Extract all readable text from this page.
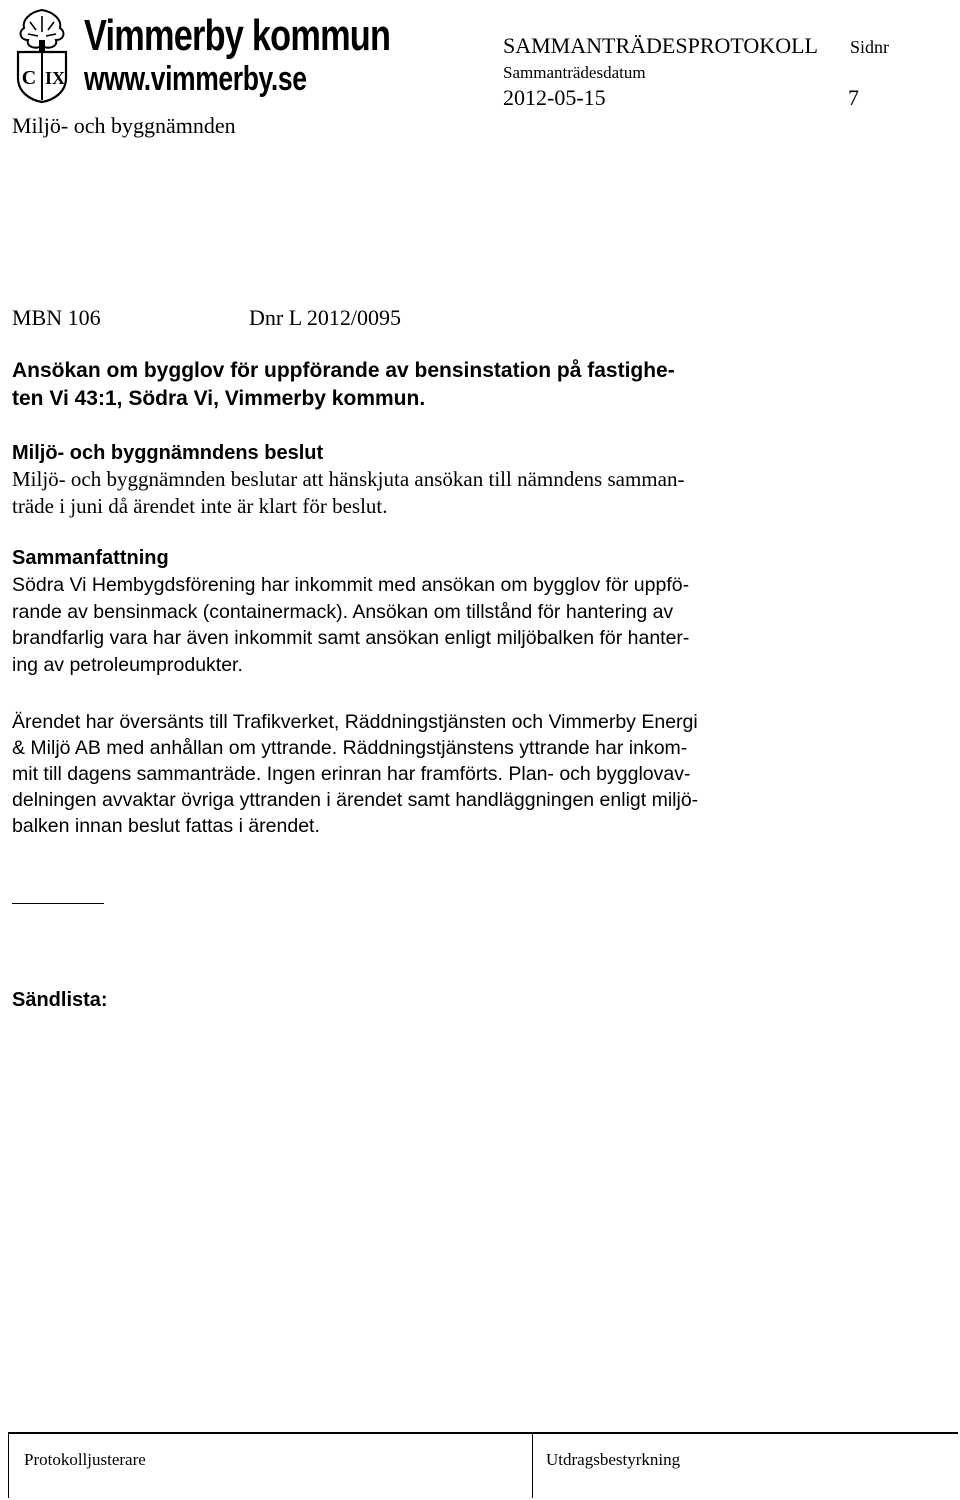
C IX
Vimmerby kommun
www.vimmerby.se
SAMMANTRÄDESPROTOKOLL Sidnr
Sammanträdesdatum
2012-05-15	7
Miljö- och byggnämnden
MBN 106	Dnr L 2012/0095
Ansökan om bygglov för uppförande av bensinstation på fastighe-
ten Vi 43:1, Södra Vi, Vimmerby kommun.
Miljö- och byggnämndens beslut
Miljö- och byggnämnden beslutar att hänskjuta ansökan till nämndens samman-
träde i juni då ärendet inte är klart för beslut.
Sammanfattning
Södra Vi Hembygdsförening har inkommit med ansökan om bygglov för uppfö-
rande av bensinmack (containermack). Ansökan om tillstånd för hantering av
brandfarlig vara har även inkommit samt ansökan enligt miljöbalken för hanter-
ing av petroleumprodukter.
Ärendet har översänts till Trafikverket, Räddningstjänsten och Vimmerby Energi
& Miljö AB med anhållan om yttrande. Räddningstjänstens yttrande har inkom-
mit till dagens sammanträde. Ingen erinran har framförts. Plan- och bygglovav-
delningen avvaktar övriga yttranden i ärendet samt handläggningen enligt miljö-
balken innan beslut fattas i ärendet.
Sändlista:
Protokolljusterare	Utdragsbestyrkning
